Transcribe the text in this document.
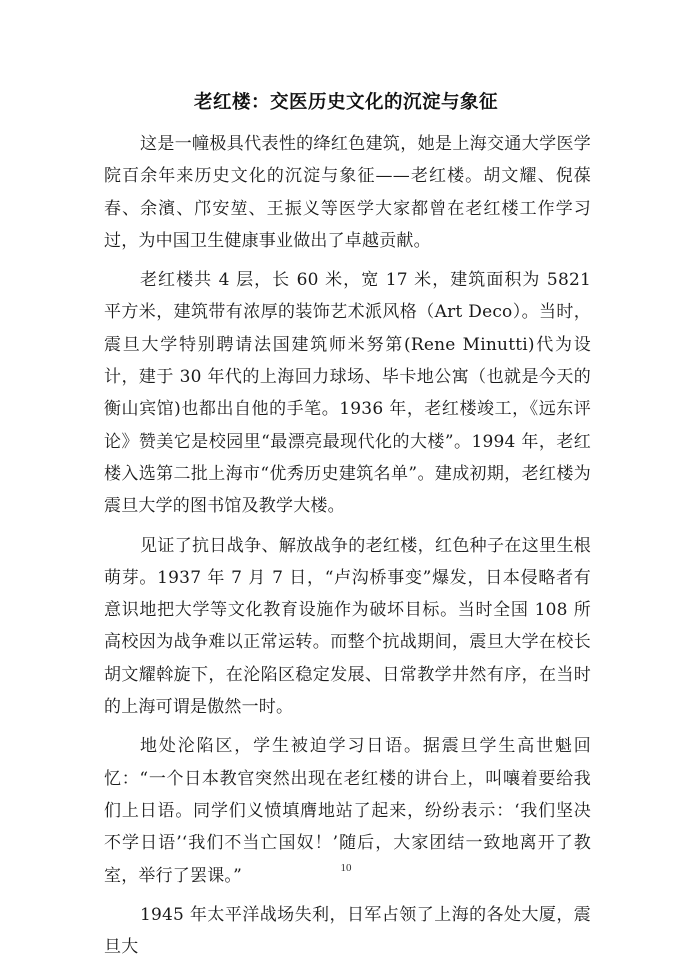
老红楼：交医历史文化的沉淀与象征

这是一幢极具代表性的绛红色建筑，她是上海交通大学医学院百余年来历史文化的沉淀与象征——老红楼。胡文耀、倪葆春、余濱、邝安堃、王振义等医学大家都曾在老红楼工作学习过，为中国卫生健康事业做出了卓越贡献。

老红楼共 4 层，长 60 米，宽 17 米，建筑面积为 5821 平方米，建筑带有浓厚的装饰艺术派风格（Art Deco）。当时，震旦大学特别聘请法国建筑师米努第(Rene Minutti)代为设计，建于 30 年代的上海回力球场、毕卡地公寓（也就是今天的衡山宾馆)也都出自他的手笔。1936 年，老红楼竣工，《远东评论》赞美它是校园里“最漂亮最现代化的大楼”。1994 年，老红楼入选第二批上海市“优秀历史建筑名单”。建成初期，老红楼为震旦大学的图书馆及教学大楼。

见证了抗日战争、解放战争的老红楼，红色种子在这里生根萌芽。1937 年 7 月 7 日，“卢沟桥事变”爆发，日本侵略者有意识地把大学等文化教育设施作为破坏目标。当时全国 108 所高校因为战争难以正常运转。而整个抗战期间，震旦大学在校长胡文耀斡旋下，在沦陷区稳定发展、日常教学井然有序，在当时的上海可谓是傲然一时。

地处沦陷区，学生被迫学习日语。据震旦学生高世魁回忆：“一个日本教官突然出现在老红楼的讲台上，叫嚷着要给我们上日语。同学们义愤填膺地站了起来，纷纷表示：‘我们坚决不学日语’‘我们不当亡国奴！’随后，大家团结一致地离开了教室，举行了罢课。”

1945 年太平洋战场失利，日军占领了上海的各处大厦，震旦大

10
